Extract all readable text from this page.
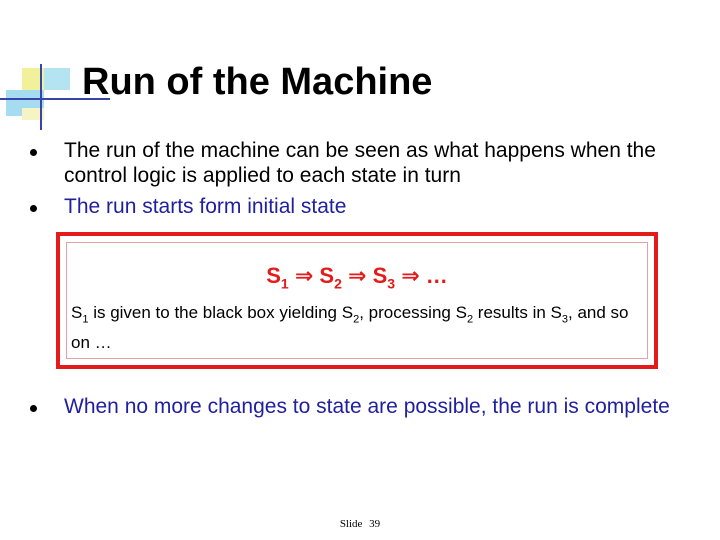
Run of the Machine
The run of the machine can be seen as what happens when the control logic is applied to each state in turn
The run starts form initial state
$S_1$ ⇒ $S_2$ ⇒ $S_3$ ⇒ …
$S_1$ is given to the black box yielding $S_2$, processing $S_2$ results in $S_3$, and so on …
When no more changes to state are possible, the run is complete
Slide 39
